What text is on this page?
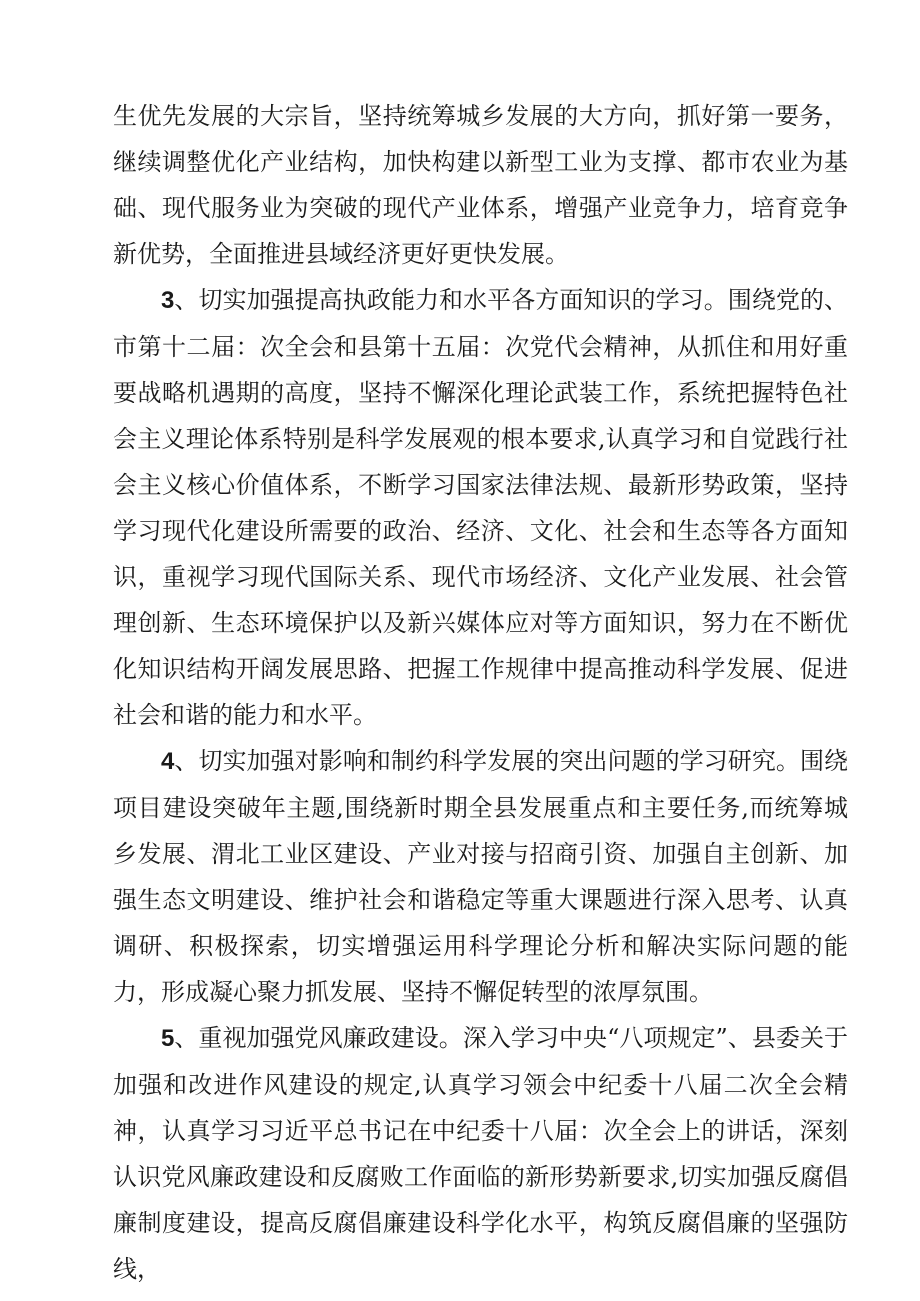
生优先发展的大宗旨，坚持统筹城乡发展的大方向，抓好第一要务，继续调整优化产业结构，加快构建以新型工业为支撑、都市农业为基础、现代服务业为突破的现代产业体系，增强产业竞争力，培育竞争新优势，全面推进县域经济更好更快发展。

3、切实加强提高执政能力和水平各方面知识的学习。围绕党的、市第十二届：次全会和县第十五届：次党代会精神，从抓住和用好重要战略机遇期的高度，坚持不懈深化理论武装工作，系统把握特色社会主义理论体系特别是科学发展观的根本要求,认真学习和自觉践行社会主义核心价值体系，不断学习国家法律法规、最新形势政策，坚持学习现代化建设所需要的政治、经济、文化、社会和生态等各方面知识，重视学习现代国际关系、现代市场经济、文化产业发展、社会管理创新、生态环境保护以及新兴媒体应对等方面知识，努力在不断优化知识结构开阔发展思路、把握工作规律中提高推动科学发展、促进社会和谐的能力和水平。

4、切实加强对影响和制约科学发展的突出问题的学习研究。围绕项目建设突破年主题,围绕新时期全县发展重点和主要任务,而统筹城乡发展、渭北工业区建设、产业对接与招商引资、加强自主创新、加强生态文明建设、维护社会和谐稳定等重大课题进行深入思考、认真调研、积极探索，切实增强运用科学理论分析和解决实际问题的能力，形成凝心聚力抓发展、坚持不懈促转型的浓厚氛围。

5、重视加强党风廉政建设。深入学习中央“八项规定”、县委关于加强和改进作风建设的规定,认真学习领会中纪委十八届二次全会精神，认真学习习近平总书记在中纪委十八届：次全会上的讲话，深刻认识党风廉政建设和反腐败工作面临的新形势新要求,切实加强反腐倡廉制度建设，提高反腐倡廉建设科学化水平，构筑反腐倡廉的坚强防线，
